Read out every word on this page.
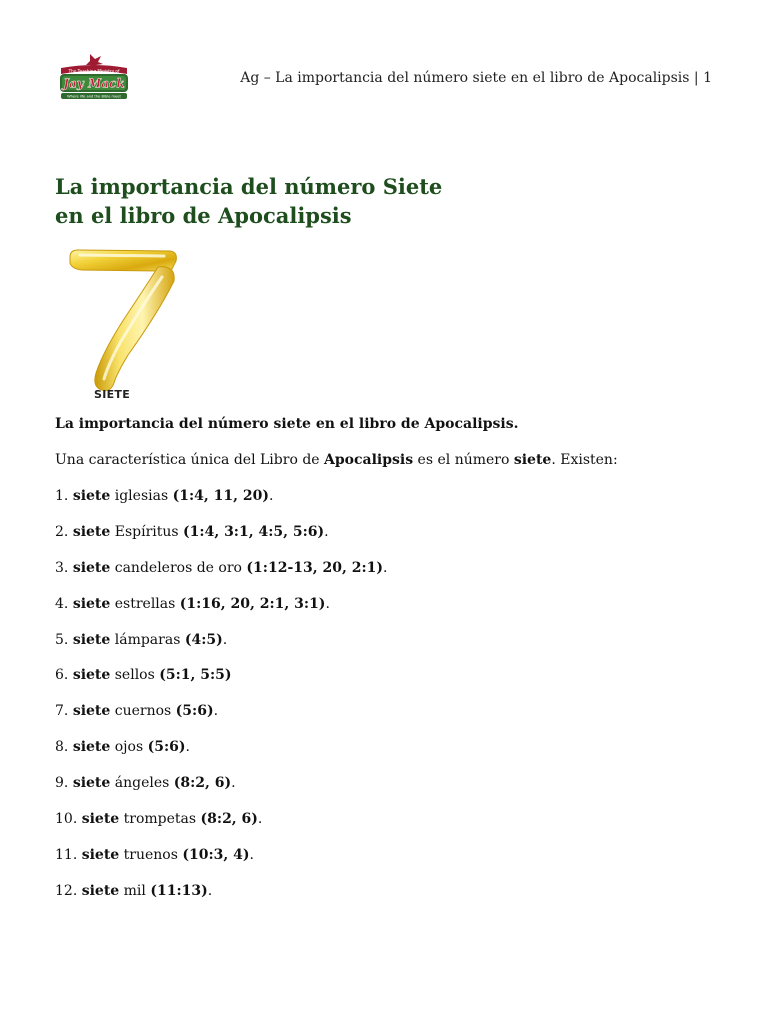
The Teaching Ministry of
Jay Mack
Where life and the Bible meet
Ag – La importancia del número siete en el libro de Apocalipsis | 1
La importancia del número Siete
en el libro de Apocalipsis
SIETE

La importancia del número siete en el libro de Apocalipsis.

Una característica única del Libro de Apocalipsis es el número siete. Existen:

1. siete iglesias (1:4, 11, 20).
2. siete Espíritus (1:4, 3:1, 4:5, 5:6).
3. siete candeleros de oro (1:12-13, 20, 2:1).
4. siete estrellas (1:16, 20, 2:1, 3:1).
5. siete lámparas (4:5).
6. siete sellos (5:1, 5:5)
7. siete cuernos (5:6).
8. siete ojos (5:6).
9. siete ángeles (8:2, 6).
10. siete trompetas (8:2, 6).
11. siete truenos (10:3, 4).
12. siete mil (11:13).
